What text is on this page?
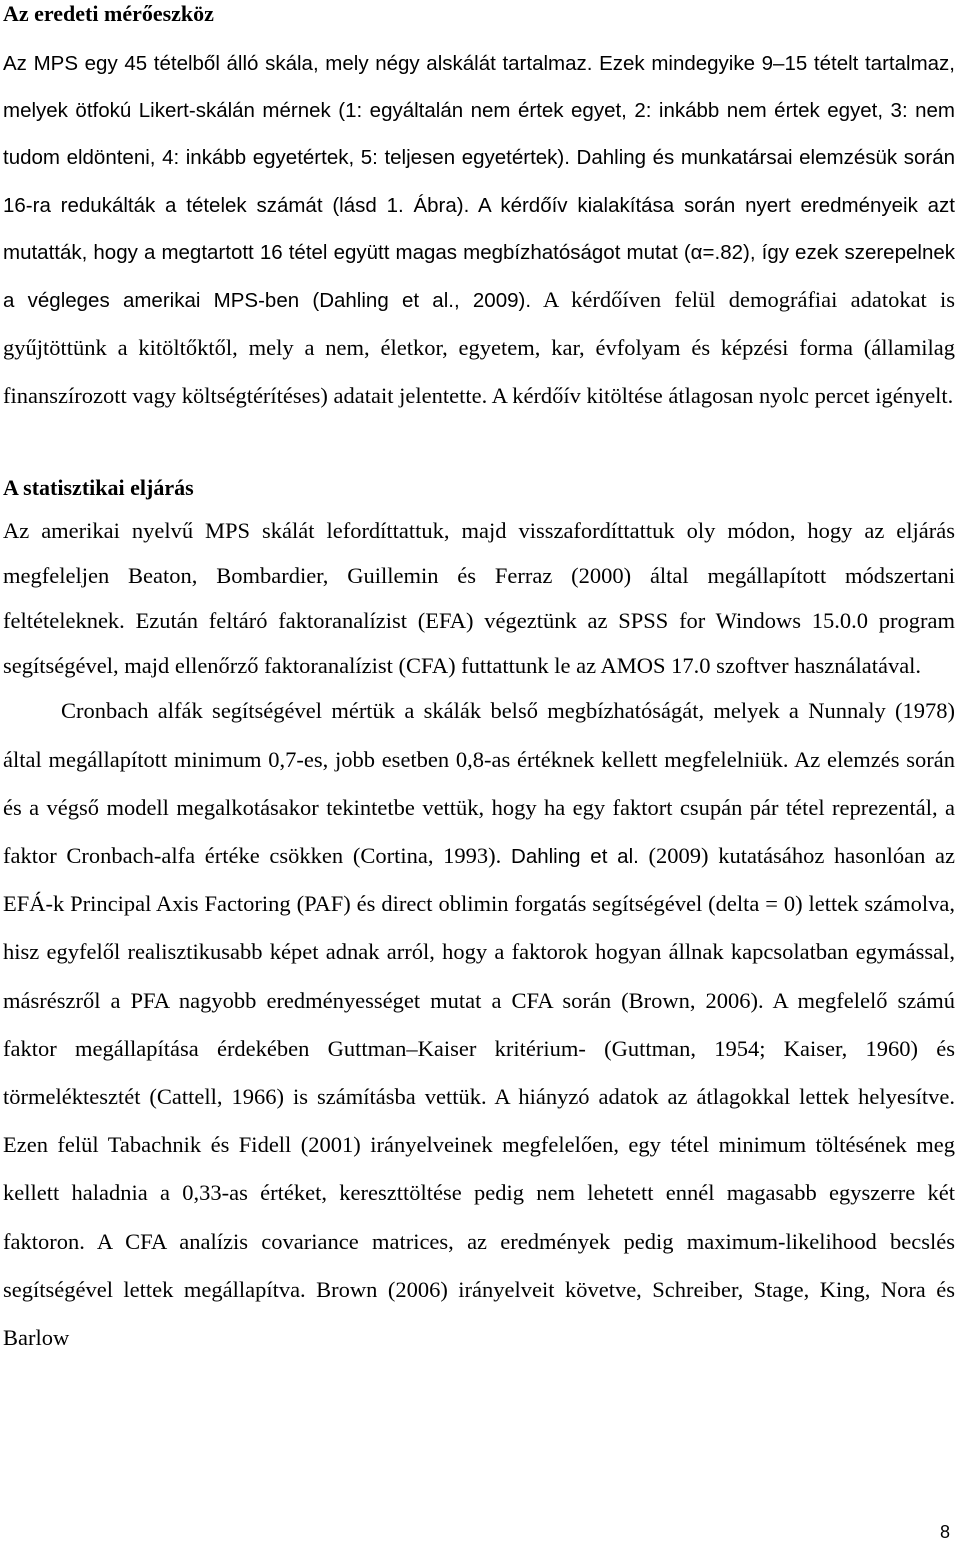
Az eredeti mérőeszköz

Az MPS egy 45 tételből álló skála, mely négy alskálát tartalmaz. Ezek mindegyike 9–15 tételt tartalmaz, melyek ötfokú Likert-skálán mérnek (1: egyáltalán nem értek egyet, 2: inkább nem értek egyet, 3: nem tudom eldönteni, 4: inkább egyetértek, 5: teljesen egyetértek). Dahling és munkatársai elemzésük során 16-ra redukálták a tételek számát (lásd 1. Ábra). A kérdőív kialakítása során nyert eredményeik azt mutatták, hogy a megtartott 16 tétel együtt magas megbízhatóságot mutat (α=.82), így ezek szerepelnek a végleges amerikai MPS-ben (Dahling et al., 2009). A kérdőíven felül demográfiai adatokat is gyűjtöttünk a kitöltőktől, mely a nem, életkor, egyetem, kar, évfolyam és képzési forma (államilag finanszírozott vagy költségtérítéses) adatait jelentette. A kérdőív kitöltése átlagosan nyolc percet igényelt.

A statisztikai eljárás

Az amerikai nyelvű MPS skálát lefordíttattuk, majd visszafordíttattuk oly módon, hogy az eljárás megfeleljen Beaton, Bombardier, Guillemin és Ferraz (2000) által megállapított módszertani feltételeknek. Ezután feltáró faktoranalízist (EFA) végeztünk az SPSS for Windows 15.0.0 program segítségével, majd ellenőrző faktoranalízist (CFA) futtattunk le az AMOS 17.0 szoftver használatával.

Cronbach alfák segítségével mértük a skálák belső megbízhatóságát, melyek a Nunnaly (1978) által megállapított minimum 0,7-es, jobb esetben 0,8-as értéknek kellett megfelelniük. Az elemzés során és a végső modell megalkotásakor tekintetbe vettük, hogy ha egy faktort csupán pár tétel reprezentál, a faktor Cronbach-alfa értéke csökken (Cortina, 1993). Dahling et al. (2009) kutatásához hasonlóan az EFÁ-k Principal Axis Factoring (PAF) és direct oblimin forgatás segítségével (delta = 0) lettek számolva, hisz egyfelől realisztikusabb képet adnak arról, hogy a faktorok hogyan állnak kapcsolatban egymással, másrészről a PFA nagyobb eredményességet mutat a CFA során (Brown, 2006). A megfelelő számú faktor megállapítása érdekében Guttman–Kaiser kritérium- (Guttman, 1954; Kaiser, 1960) és törmeléktesztét (Cattell, 1966) is számításba vettük. A hiányzó adatok az átlagokkal lettek helyesítve. Ezen felül Tabachnik és Fidell (2001) irányelveinek megfelelően, egy tétel minimum töltésének meg kellett haladnia a 0,33-as értéket, kereszttöltése pedig nem lehetett ennél magasabb egyszerre két faktoron. A CFA analízis covariance matrices, az eredmények pedig maximum-likelihood becslés segítségével lettek megállapítva. Brown (2006) irányelveit követve, Schreiber, Stage, King, Nora és Barlow

8
